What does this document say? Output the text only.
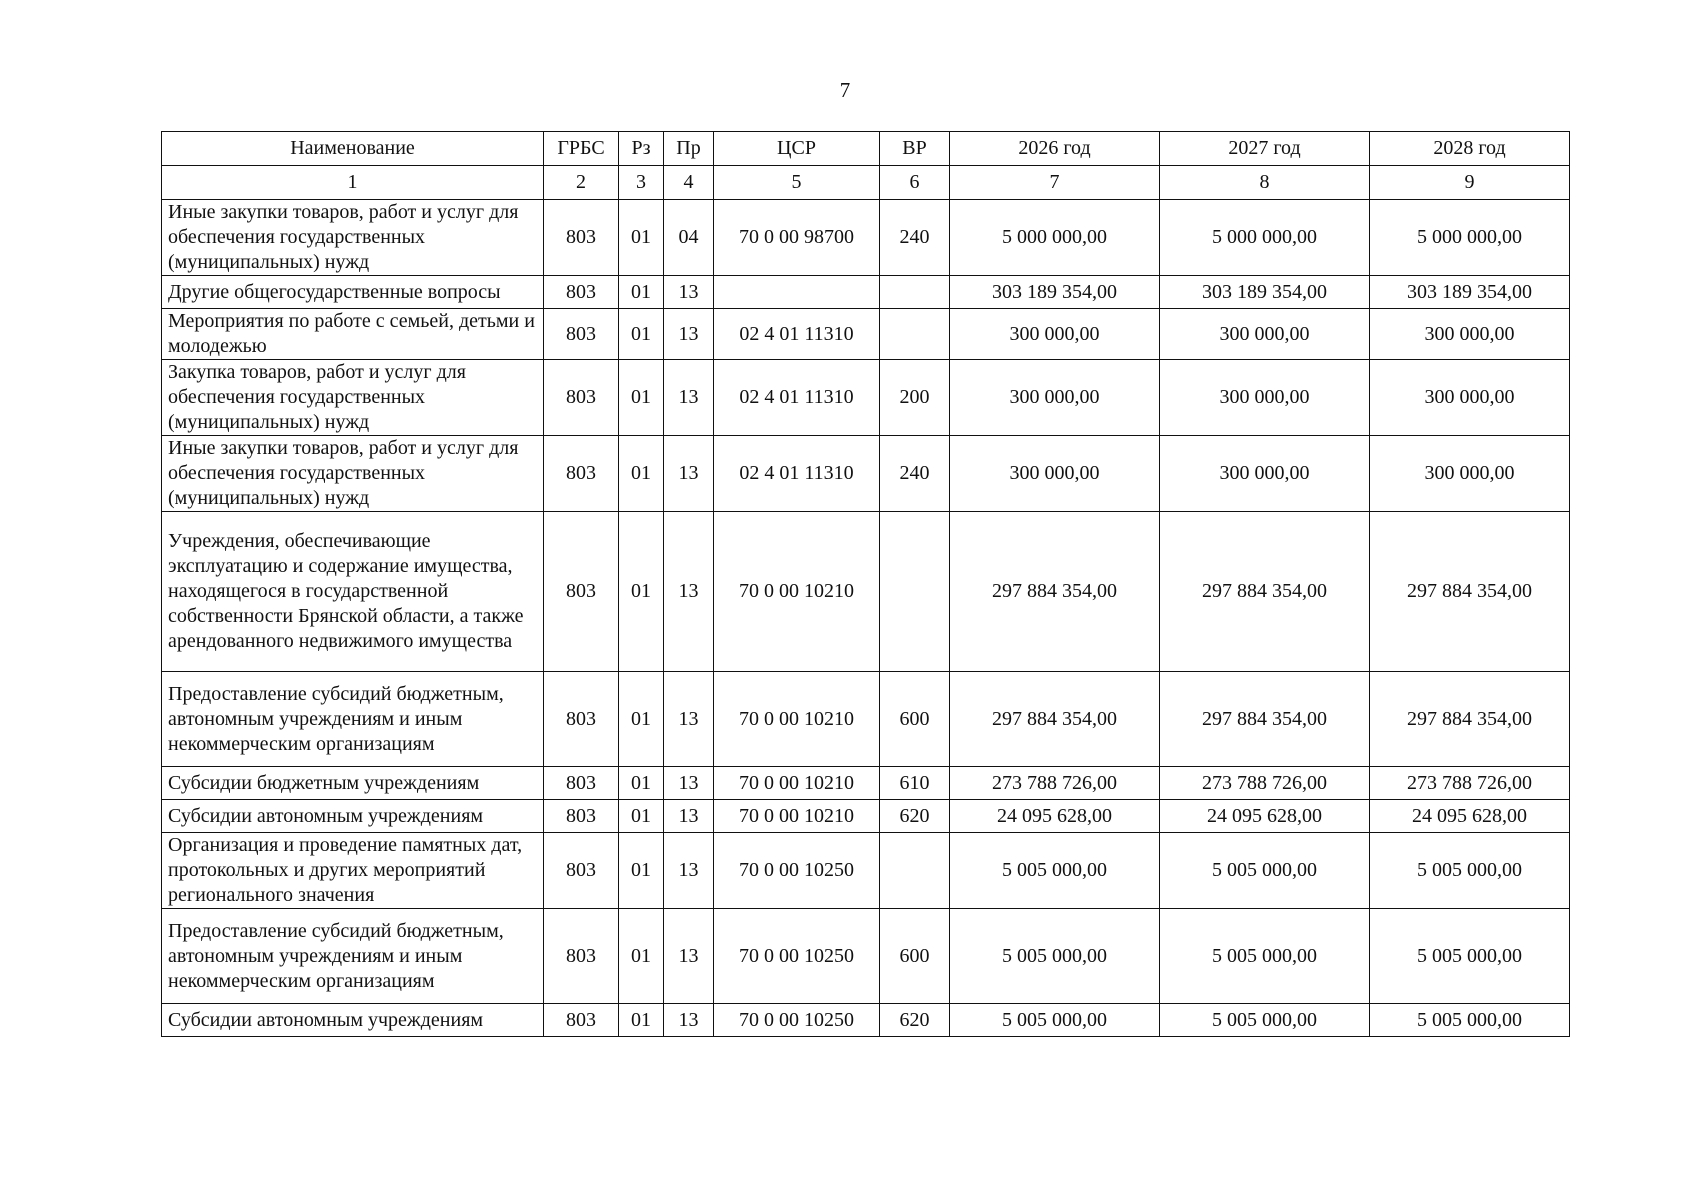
7
Наименование	ГРБС	Рз	Пр	ЦСР	ВР	2026 год	2027 год	2028 год
1	2	3	4	5	6	7	8	9
Иные закупки товаров, работ и услуг для обеспечения государственных (муниципальных) нужд	803	01	04	70 0 00 98700	240	5 000 000,00	5 000 000,00	5 000 000,00
Другие общегосударственные вопросы	803	01	13			303 189 354,00	303 189 354,00	303 189 354,00
Мероприятия по работе с семьей, детьми и молодежью	803	01	13	02 4 01 11310		300 000,00	300 000,00	300 000,00
Закупка товаров, работ и услуг для обеспечения государственных (муниципальных) нужд	803	01	13	02 4 01 11310	200	300 000,00	300 000,00	300 000,00
Иные закупки товаров, работ и услуг для обеспечения государственных (муниципальных) нужд	803	01	13	02 4 01 11310	240	300 000,00	300 000,00	300 000,00
Учреждения, обеспечивающие эксплуатацию и содержание имущества, находящегося в государственной собственности Брянской области, а также арендованного недвижимого имущества	803	01	13	70 0 00 10210		297 884 354,00	297 884 354,00	297 884 354,00
Предоставление субсидий бюджетным, автономным учреждениям и иным некоммерческим организациям	803	01	13	70 0 00 10210	600	297 884 354,00	297 884 354,00	297 884 354,00
Субсидии бюджетным учреждениям	803	01	13	70 0 00 10210	610	273 788 726,00	273 788 726,00	273 788 726,00
Субсидии автономным учреждениям	803	01	13	70 0 00 10210	620	24 095 628,00	24 095 628,00	24 095 628,00
Организация и проведение памятных дат, протокольных и других мероприятий регионального значения	803	01	13	70 0 00 10250		5 005 000,00	5 005 000,00	5 005 000,00
Предоставление субсидий бюджетным, автономным учреждениям и иным некоммерческим организациям	803	01	13	70 0 00 10250	600	5 005 000,00	5 005 000,00	5 005 000,00
Субсидии автономным учреждениям	803	01	13	70 0 00 10250	620	5 005 000,00	5 005 000,00	5 005 000,00
